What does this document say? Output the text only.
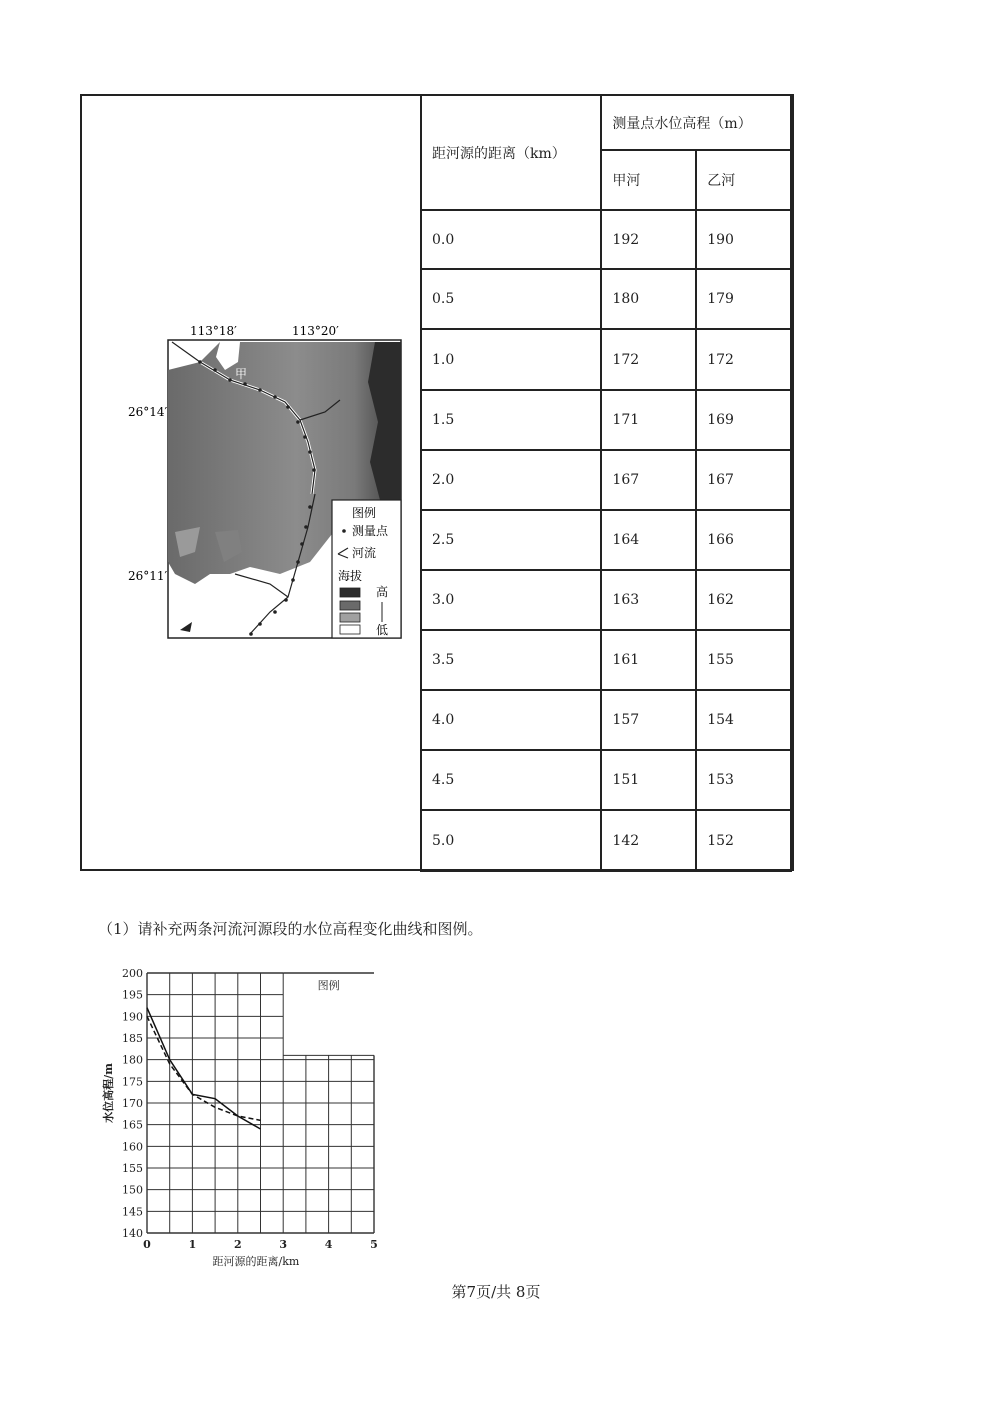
距河源的距离（km）	测量点水位高程（m）	
	甲河	乙河
0.0	192	190
0.5	180	179
1.0	172	172
1.5	171	169
2.0	167	167
2.5	164	166
3.0	163	162
3.5	161	155
4.0	157	154
4.5	151	153
5.0	142	152
113°18′	113°20′
26°14′
26°11′
甲
图例
测量点
河流
海拔
高
低
（1）请补充两条河流河源段的水位高程变化曲线和图例。
图例
200
195
190
185
180
175
170
165
160
155
150
145
140
0	1	2	3	4	5
距河源的距离/km
水位高程/m
第7页/共 8页
